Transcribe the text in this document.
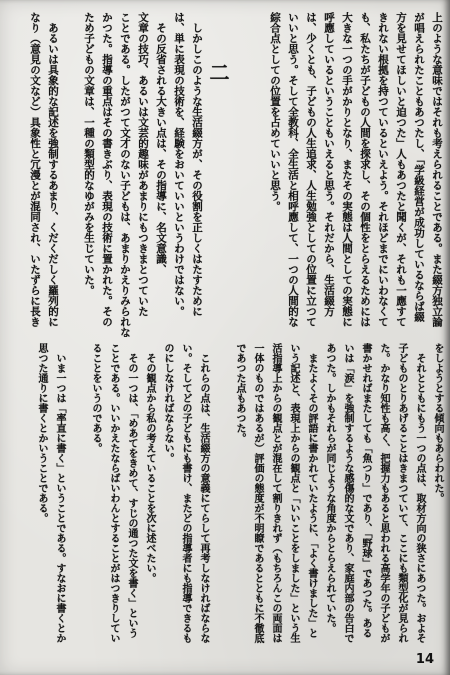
上のような意味ではそれも考えられることである。また綴方独立論
が唱えられたこともあつたし、「学級経営が成功しているならば綴
方を見せてほしいと迫つた」人もあつたと聞くが、それも一應すて
きれない根拠を持つているといえよう。それほどまでにいわなくて
も、私たちが子どもの人間を探求し、その個性をとらえるためには
大きな一つの手がかりとなり、またその実態は人間としての実態に
呼應しているということもいえると思う。それだから、生活綴方
は、少くとも、子どもの人生追求、人生勉強としての位置に立つて
いいと思う。そして全教科、全生活と相呼應して、一つの人間的な
綜合点としての位置を占めていいと思う。
二
　しかしこのような生活綴方が、その役割を正しくはたすために
は、単に表現の技術を、経験をおいていいというわけではない。
　その反省される大きい点は、その指導に、名文意識、
文章の技巧、あるいは文芸的趣味があまりにもつきまとつていた
ことである。したがつて文才のない子どもは、あまりかえりみられな
かつた。指導の重点はその書きぶり、表現の技術に置かれた。その
ため子どもの文章は、一種の類型的なゆがみを生じていた。
　あるいは具象的な記述を強制するあまり、くだくだしく羅列的に
なり（意見の文など）具象性と冗漫とが混同され、いたずらに長き
をしようとする傾向もあらわれた。
　それとともにもう一つの点は、取材方向の狭さにあつた。およそ
子どものとりあげることはきまつていて、ここにも類型化が見られ
た。かなり知性も高く、把握力もあると思われる高学年の子どもが
書かせればまたしても「魚つり」であり、「野球」であつた。ある
いは「涙」を強制するような感傷的な文であり、家庭内部の告白で
あつた。しかもそれらが同じような角度からとらえられていた。
　またよくその評語に書かれていたように、「よく書けました」と
いう記述と、表現上からの観点と「いいことをしました」という生
活指導上からの観点とが混在して割りきれず（もちろんこの両面は
一体のものではあるが）評価の態度が不明瞭であるとともに不徹底
であつた点もあつた。
　これらの点は、生活綴方の意義にてらして再考しなければならな
い。そしてどの子どもにも書け、またどの指導者にも指導できるも
のにしなければならない。
　その観点から私の考えていることを次に述べたい。
　その一つは、「めあてをきめて、すじの通つた文を書く」という
ことである。いいかえたならばいわんとすることがはつきりしてい
ることをいうのである。
　いま一つは「率直に書く」ということである。すなおに書くとか
思つた通りに書くとかいうことである。
14
